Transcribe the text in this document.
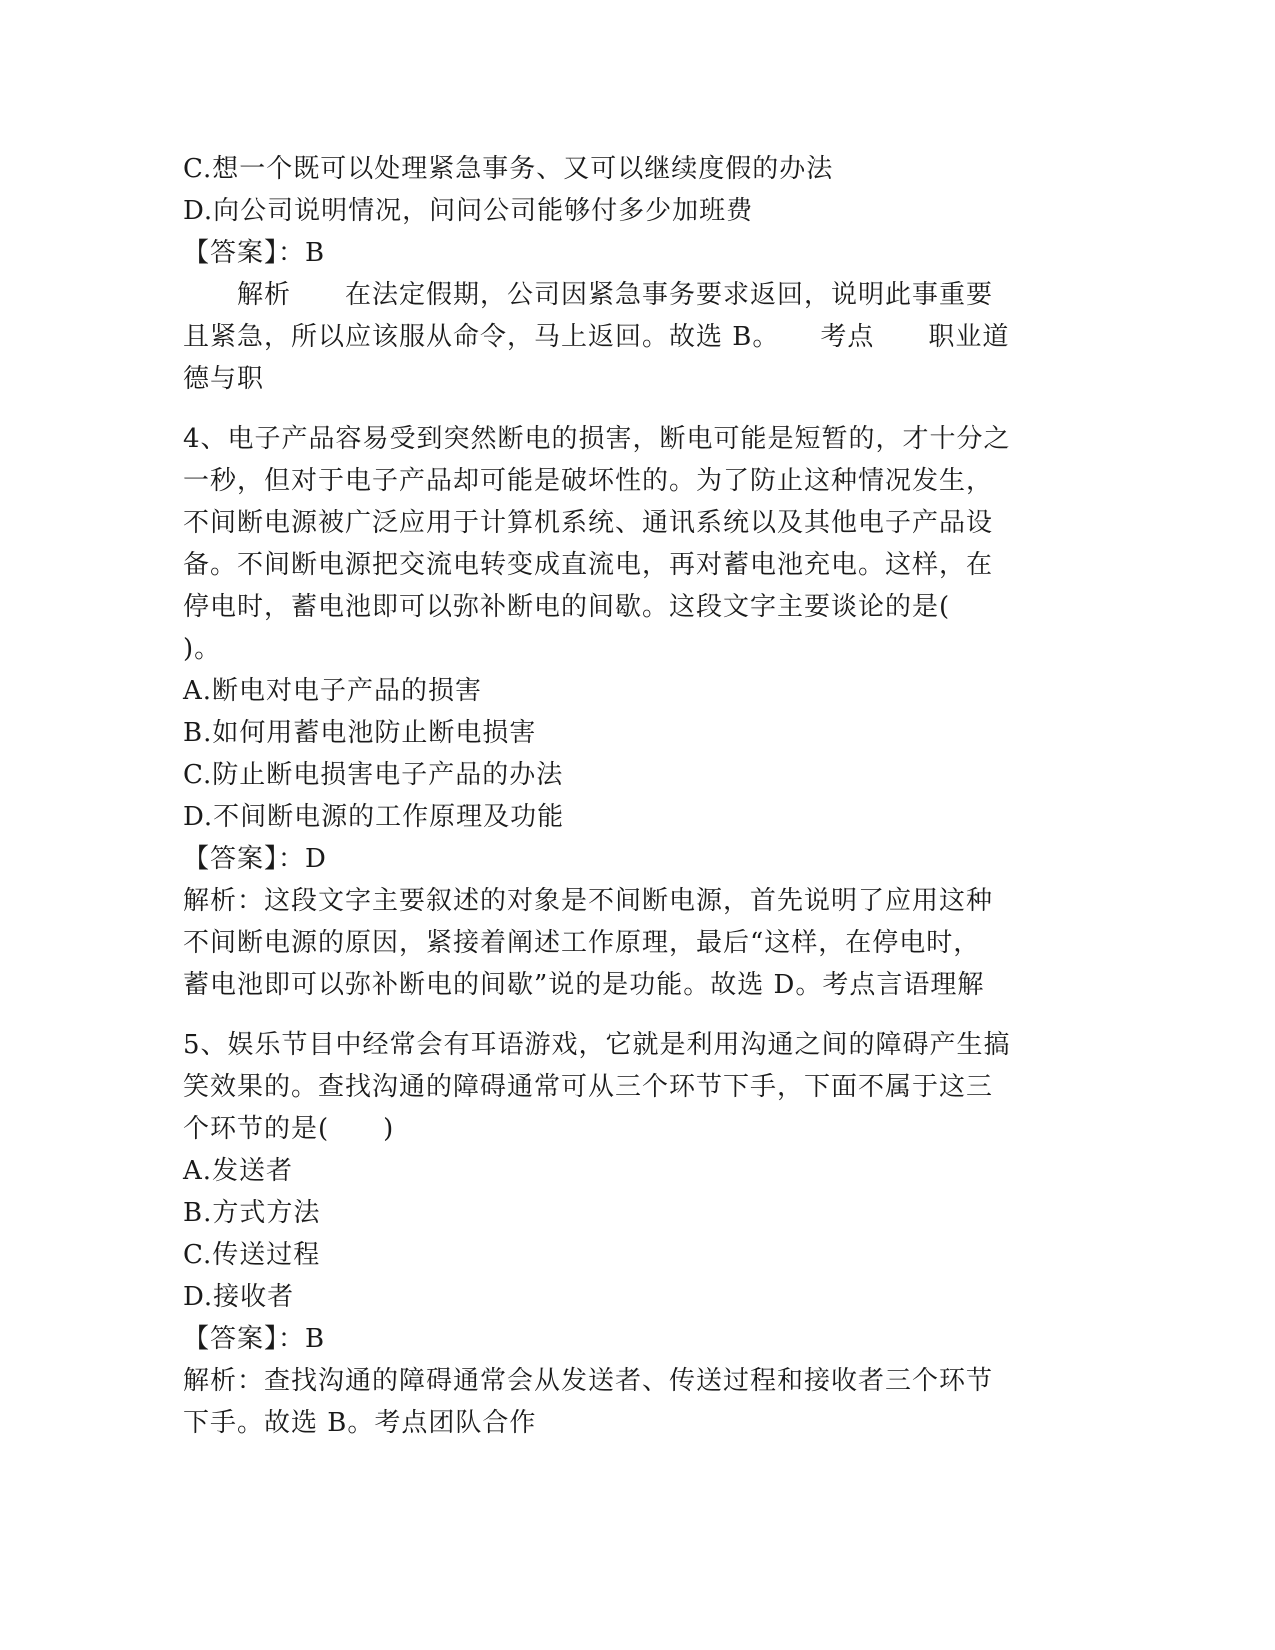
C.想一个既可以处理紧急事务、又可以继续度假的办法
D.向公司说明情况，问问公司能够付多少加班费
【答案】：B
解析　　在法定假期，公司因紧急事务要求返回，说明此事重要
且紧急，所以应该服从命令，马上返回。故选 B。　　考点　　职业道
德与职
4、电子产品容易受到突然断电的损害，断电可能是短暂的，才十分之
一秒，但对于电子产品却可能是破坏性的。为了防止这种情况发生，
不间断电源被广泛应用于计算机系统、通讯系统以及其他电子产品设
备。不间断电源把交流电转变成直流电，再对蓄电池充电。这样，在
停电时，蓄电池即可以弥补断电的间歇。这段文字主要谈论的是(
)。
A.断电对电子产品的损害
B.如何用蓄电池防止断电损害
C.防止断电损害电子产品的办法
D.不间断电源的工作原理及功能
【答案】：D
解析：这段文字主要叙述的对象是不间断电源，首先说明了应用这种
不间断电源的原因，紧接着阐述工作原理，最后“这样，在停电时，
蓄电池即可以弥补断电的间歇”说的是功能。故选 D。考点言语理解
5、娱乐节目中经常会有耳语游戏，它就是利用沟通之间的障碍产生搞
笑效果的。查找沟通的障碍通常可从三个环节下手，下面不属于这三
个环节的是(　　)
A.发送者
B.方式方法
C.传送过程
D.接收者
【答案】：B
解析：查找沟通的障碍通常会从发送者、传送过程和接收者三个环节
下手。故选 B。考点团队合作
